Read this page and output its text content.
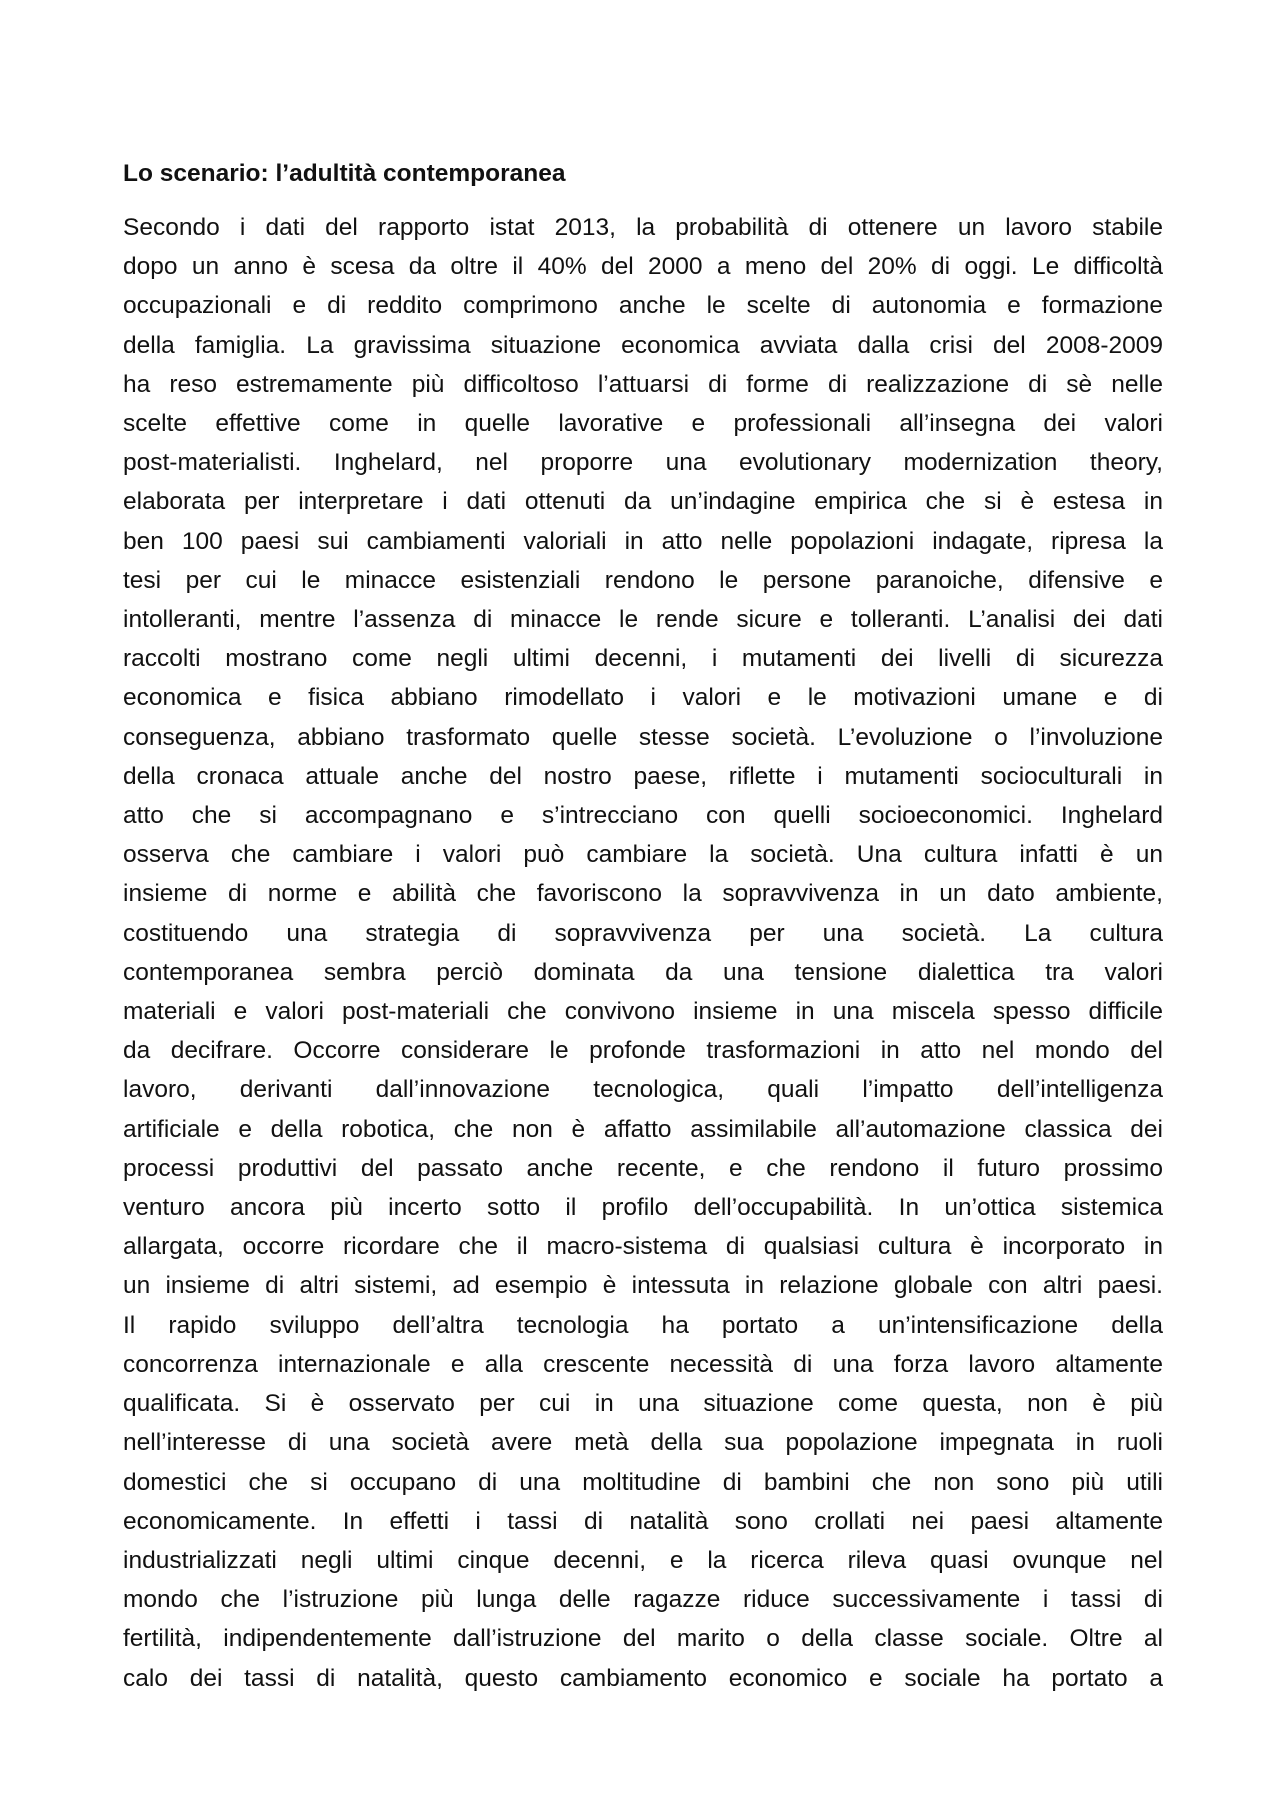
Lo scenario: l’adultità contemporanea
Secondo i dati del rapporto istat 2013, la probabilità di ottenere un lavoro stabile
dopo un anno è scesa da oltre il 40% del 2000 a meno del 20% di oggi. Le difficoltà
occupazionali e di reddito comprimono anche le scelte di autonomia e formazione
della famiglia. La gravissima situazione economica avviata dalla crisi del 2008-2009
ha reso estremamente più difficoltoso l’attuarsi di forme di realizzazione di sè nelle
scelte effettive come in quelle lavorative e professionali all’insegna dei valori
post-materialisti. Inghelard, nel proporre una evolutionary modernization theory,
elaborata per interpretare i dati ottenuti da un’indagine empirica che si è estesa in
ben 100 paesi sui cambiamenti valoriali in atto nelle popolazioni indagate, ripresa la
tesi per cui le minacce esistenziali rendono le persone paranoiche, difensive e
intolleranti, mentre l’assenza di minacce le rende sicure e tolleranti. L’analisi dei dati
raccolti mostrano come negli ultimi decenni, i mutamenti dei livelli di sicurezza
economica e fisica abbiano rimodellato i valori e le motivazioni umane e di
conseguenza, abbiano trasformato quelle stesse società. L’evoluzione o l’involuzione
della cronaca attuale anche del nostro paese, riflette i mutamenti socioculturali in
atto che si accompagnano e s’intrecciano con quelli socioeconomici. Inghelard
osserva che cambiare i valori può cambiare la società. Una cultura infatti è un
insieme di norme e abilità che favoriscono la sopravvivenza in un dato ambiente,
costituendo una strategia di sopravvivenza per una società. La cultura
contemporanea sembra perciò dominata da una tensione dialettica tra valori
materiali e valori post-materiali che convivono insieme in una miscela spesso difficile
da decifrare. Occorre considerare le profonde trasformazioni in atto nel mondo del
lavoro, derivanti dall’innovazione tecnologica, quali l’impatto dell’intelligenza
artificiale e della robotica, che non è affatto assimilabile all’automazione classica dei
processi produttivi del passato anche recente, e che rendono il futuro prossimo
venturo ancora più incerto sotto il profilo dell’occupabilità. In un’ottica sistemica
allargata, occorre ricordare che il macro-sistema di qualsiasi cultura è incorporato in
un insieme di altri sistemi, ad esempio è intessuta in relazione globale con altri paesi.
Il rapido sviluppo dell’altra tecnologia ha portato a un’intensificazione della
concorrenza internazionale e alla crescente necessità di una forza lavoro altamente
qualificata. Si è osservato per cui in una situazione come questa, non è più
nell’interesse di una società avere metà della sua popolazione impegnata in ruoli
domestici che si occupano di una moltitudine di bambini che non sono più utili
economicamente. In effetti i tassi di natalità sono crollati nei paesi altamente
industrializzati negli ultimi cinque decenni, e la ricerca rileva quasi ovunque nel
mondo che l’istruzione più lunga delle ragazze riduce successivamente i tassi di
fertilità, indipendentemente dall’istruzione del marito o della classe sociale. Oltre al
calo dei tassi di natalità, questo cambiamento economico e sociale ha portato a
